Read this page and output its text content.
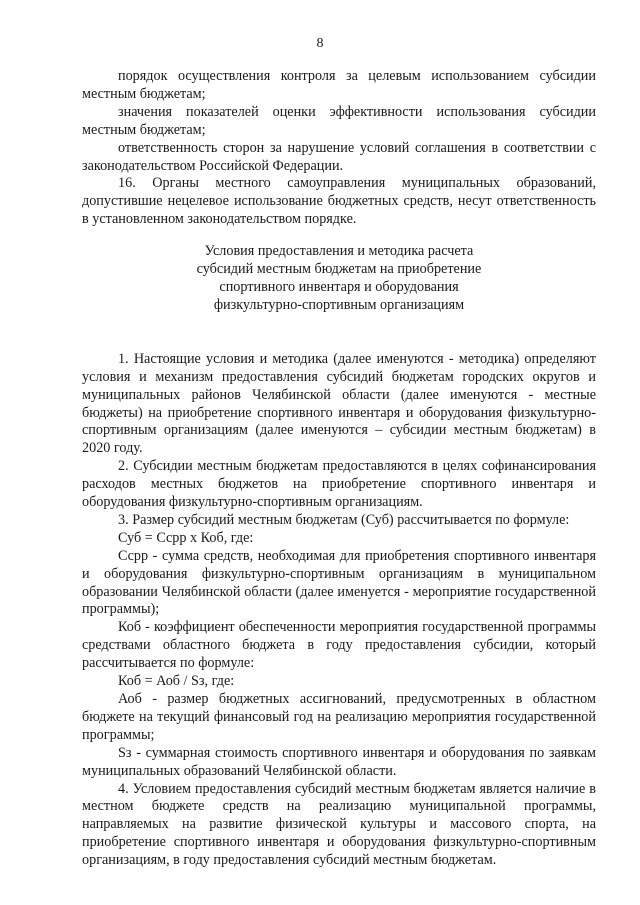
8

порядок осуществления контроля за целевым использованием субсидии местным бюджетам;

значения показателей оценки эффективности использования субсидии местным бюджетам;

ответственность сторон за нарушение условий соглашения в соответствии с законодательством Российской Федерации.

16. Органы местного самоуправления муниципальных образований, допустившие нецелевое использование бюджетных средств, несут ответственность в установленном законодательством порядке.

Условия предоставления и методика расчета
субсидий местным бюджетам на приобретение
спортивного инвентаря и оборудования
физкультурно-спортивным организациям

1. Настоящие условия и методика (далее именуются - методика) определяют условия и механизм предоставления субсидий бюджетам городских округов и муниципальных районов Челябинской области (далее именуются - местные бюджеты) на приобретение спортивного инвентаря и оборудования физкультурно-спортивным организациям (далее именуются – субсидии местным бюджетам) в 2020 году.

2. Субсидии местным бюджетам предоставляются в целях софинансирования расходов местных бюджетов на приобретение спортивного инвентаря и оборудования физкультурно-спортивным организациям.

3. Размер субсидий местным бюджетам (Суб) рассчитывается по формуле:

Суб = Ссрр х Коб, где:

Ссрр - сумма средств, необходимая для приобретения спортивного инвентаря и оборудования физкультурно-спортивным организациям в муниципальном образовании Челябинской области (далее именуется - мероприятие государственной программы);

Коб - коэффициент обеспеченности мероприятия государственной программы средствами областного бюджета в году предоставления субсидии, который рассчитывается по формуле:

Коб = Аоб / Sз, где:

Аоб - размер бюджетных ассигнований, предусмотренных в областном бюджете на текущий финансовый год на реализацию мероприятия государственной программы;

Sз - суммарная стоимость спортивного инвентаря и оборудования по заявкам муниципальных образований Челябинской области.

4. Условием предоставления субсидий местным бюджетам является наличие в местном бюджете средств на реализацию муниципальной программы, направляемых на развитие физической культуры и массового спорта, на приобретение спортивного инвентаря и оборудования физкультурно-спортивным организациям, в году предоставления субсидий местным бюджетам.
